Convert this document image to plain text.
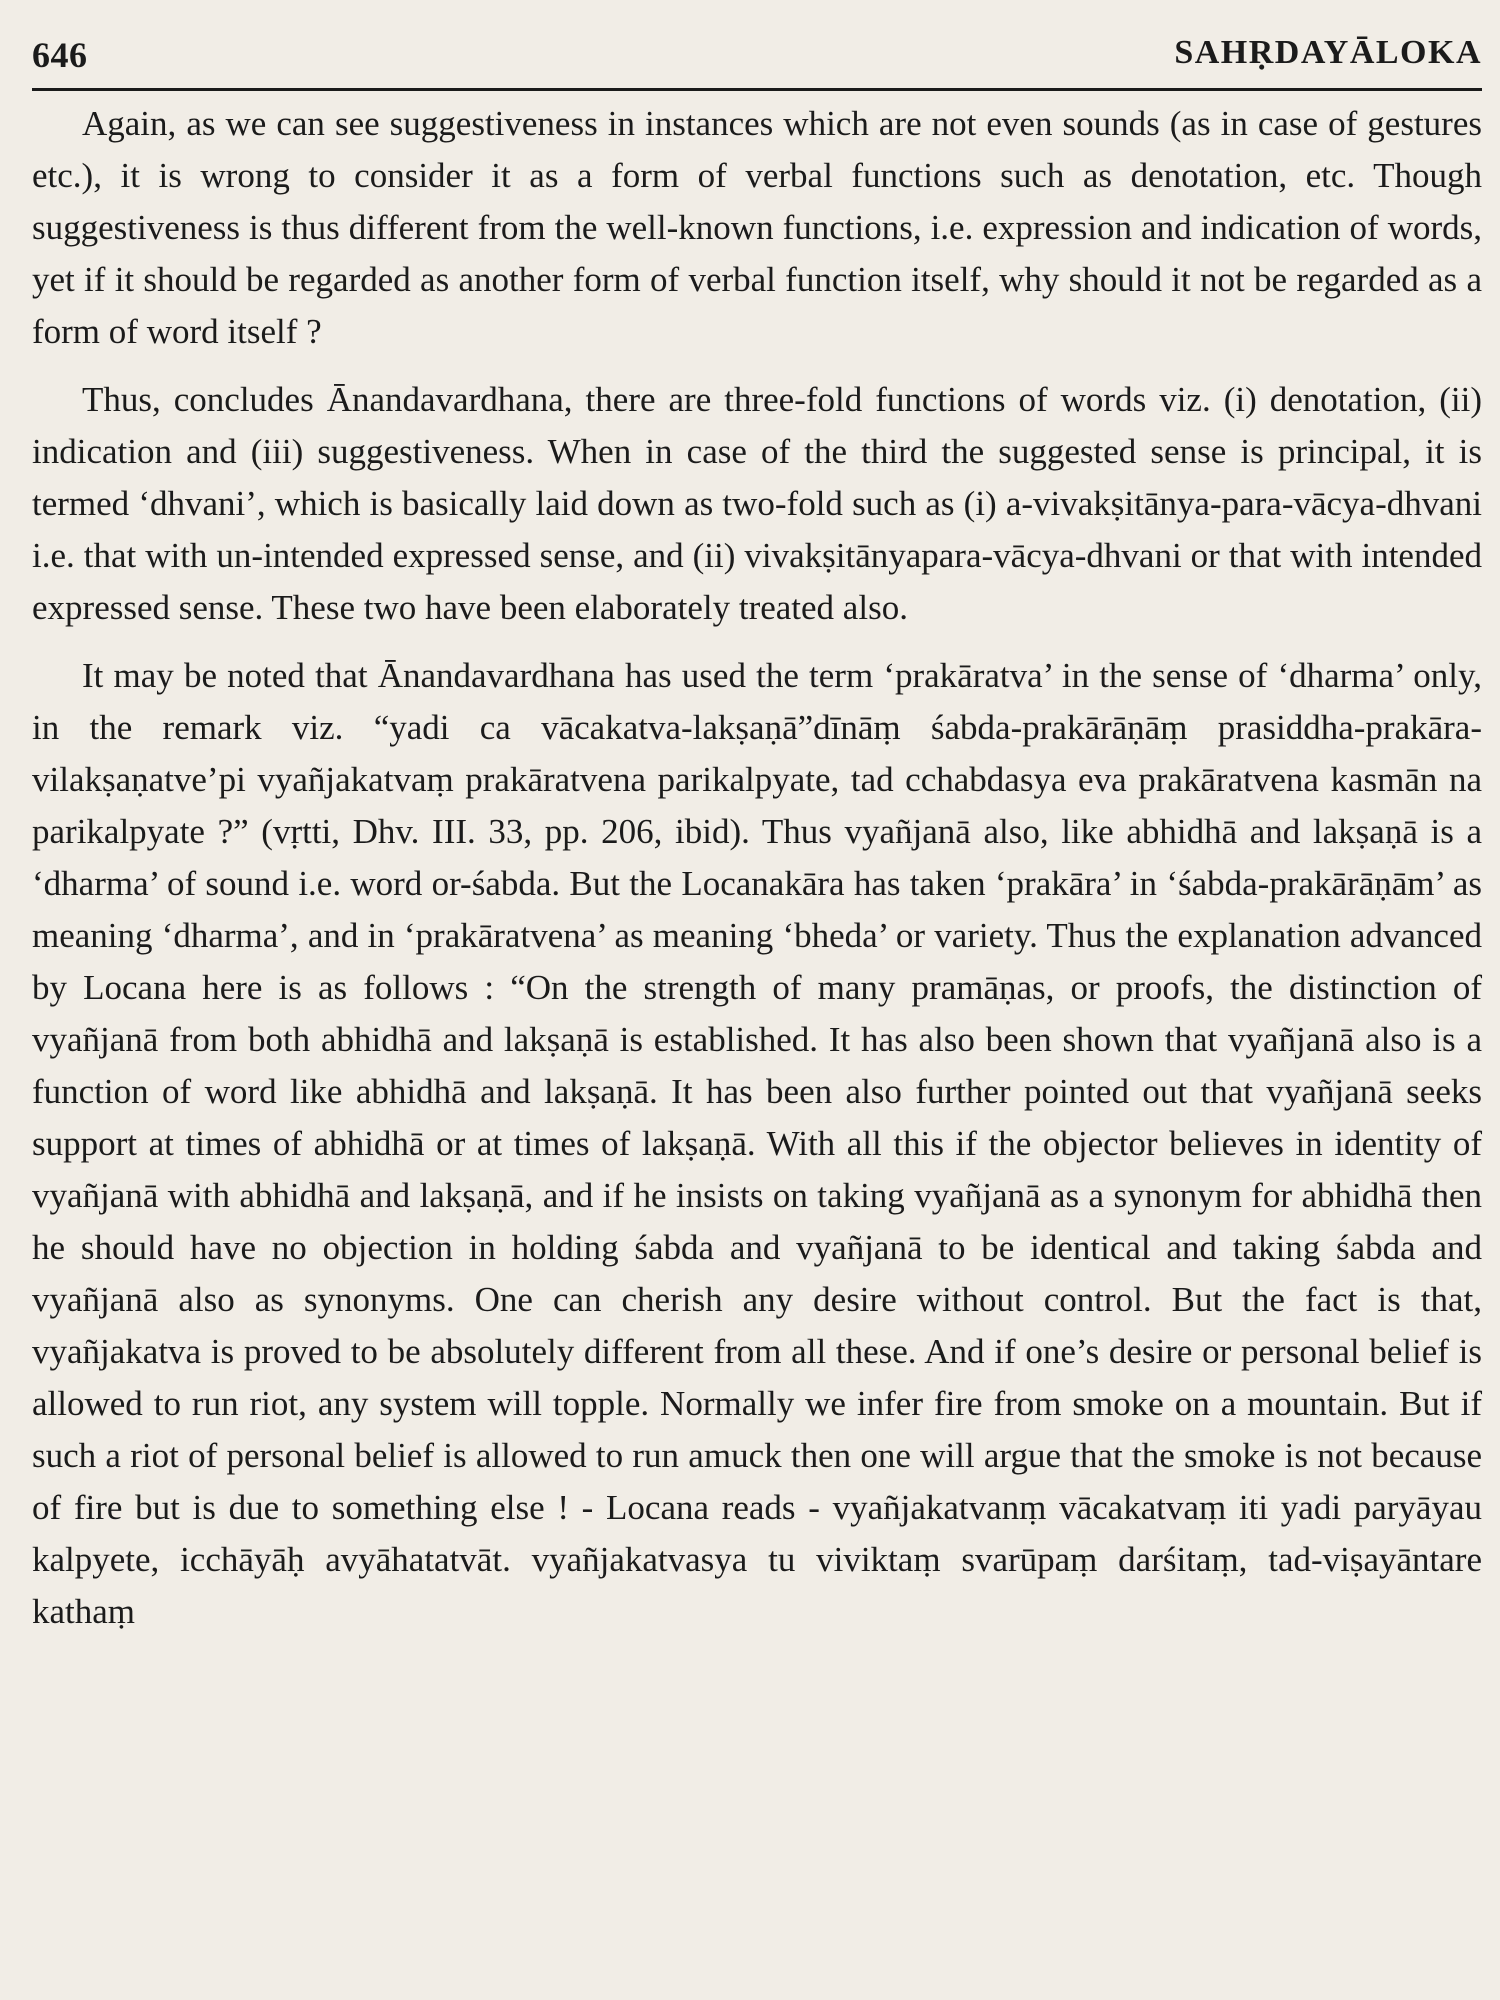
646	SAHṚDAYĀLOKA

Again, as we can see suggestiveness in instances which are not even sounds (as in case of gestures etc.), it is wrong to consider it as a form of verbal functions such as denotation, etc. Though suggestiveness is thus different from the well-known functions, i.e. expression and indication of words, yet if it should be regarded as another form of verbal function itself, why should it not be regarded as a form of word itself ?

Thus, concludes Ānandavardhana, there are three-fold functions of words viz. (i) denotation, (ii) indication and (iii) suggestiveness. When in case of the third the suggested sense is principal, it is termed ‘dhvani’, which is basically laid down as two-fold such as (i) a-vivakṣitānya-para-vācya-dhvani i.e. that with un-intended expressed sense, and (ii) vivakṣitānyapara-vācya-dhvani or that with intended expressed sense. These two have been elaborately treated also.

It may be noted that Ānandavardhana has used the term ‘prakāratva’ in the sense of ‘dharma’ only, in the remark viz. “yadi ca vācakatva-lakṣaṇā”dīnāṃ śabda-prakārāṇāṃ prasiddha-prakāra-vilakṣaṇatve’pi vyañjakatvaṃ prakāratvena parikalpyate, tad cchabdasya eva prakāratvena kasmān na parikalpyate ?” (vṛtti, Dhv. III. 33, pp. 206, ibid). Thus vyañjanā also, like abhidhā and lakṣaṇā is a ‘dharma’ of sound i.e. word or-śabda. But the Locanakāra has taken ‘prakāra’ in ‘śabda-prakārāṇām’ as meaning ‘dharma’, and in ‘prakāratvena’ as meaning ‘bheda’ or variety. Thus the explanation advanced by Locana here is as follows : “On the strength of many pramāṇas, or proofs, the distinction of vyañjanā from both abhidhā and lakṣaṇā is established. It has also been shown that vyañjanā also is a function of word like abhidhā and lakṣaṇā. It has been also further pointed out that vyañjanā seeks support at times of abhidhā or at times of lakṣaṇā. With all this if the objector believes in identity of vyañjanā with abhidhā and lakṣaṇā, and if he insists on taking vyañjanā as a synonym for abhidhā then he should have no objection in holding śabda and vyañjanā to be identical and taking śabda and vyañjanā also as synonyms. One can cherish any desire without control. But the fact is that, vyañjakatva is proved to be absolutely different from all these. And if one’s desire or personal belief is allowed to run riot, any system will topple. Normally we infer fire from smoke on a mountain. But if such a riot of personal belief is allowed to run amuck then one will argue that the smoke is not because of fire but is due to something else ! - Locana reads - vyañjakatvanṃ vācakatvaṃ iti yadi paryāyau kalpyete, icchāyāḥ avyāhatatvāt. vyañjakatvasya tu viviktaṃ svarūpaṃ darśitaṃ, tad-viṣayāntare kathaṃ
